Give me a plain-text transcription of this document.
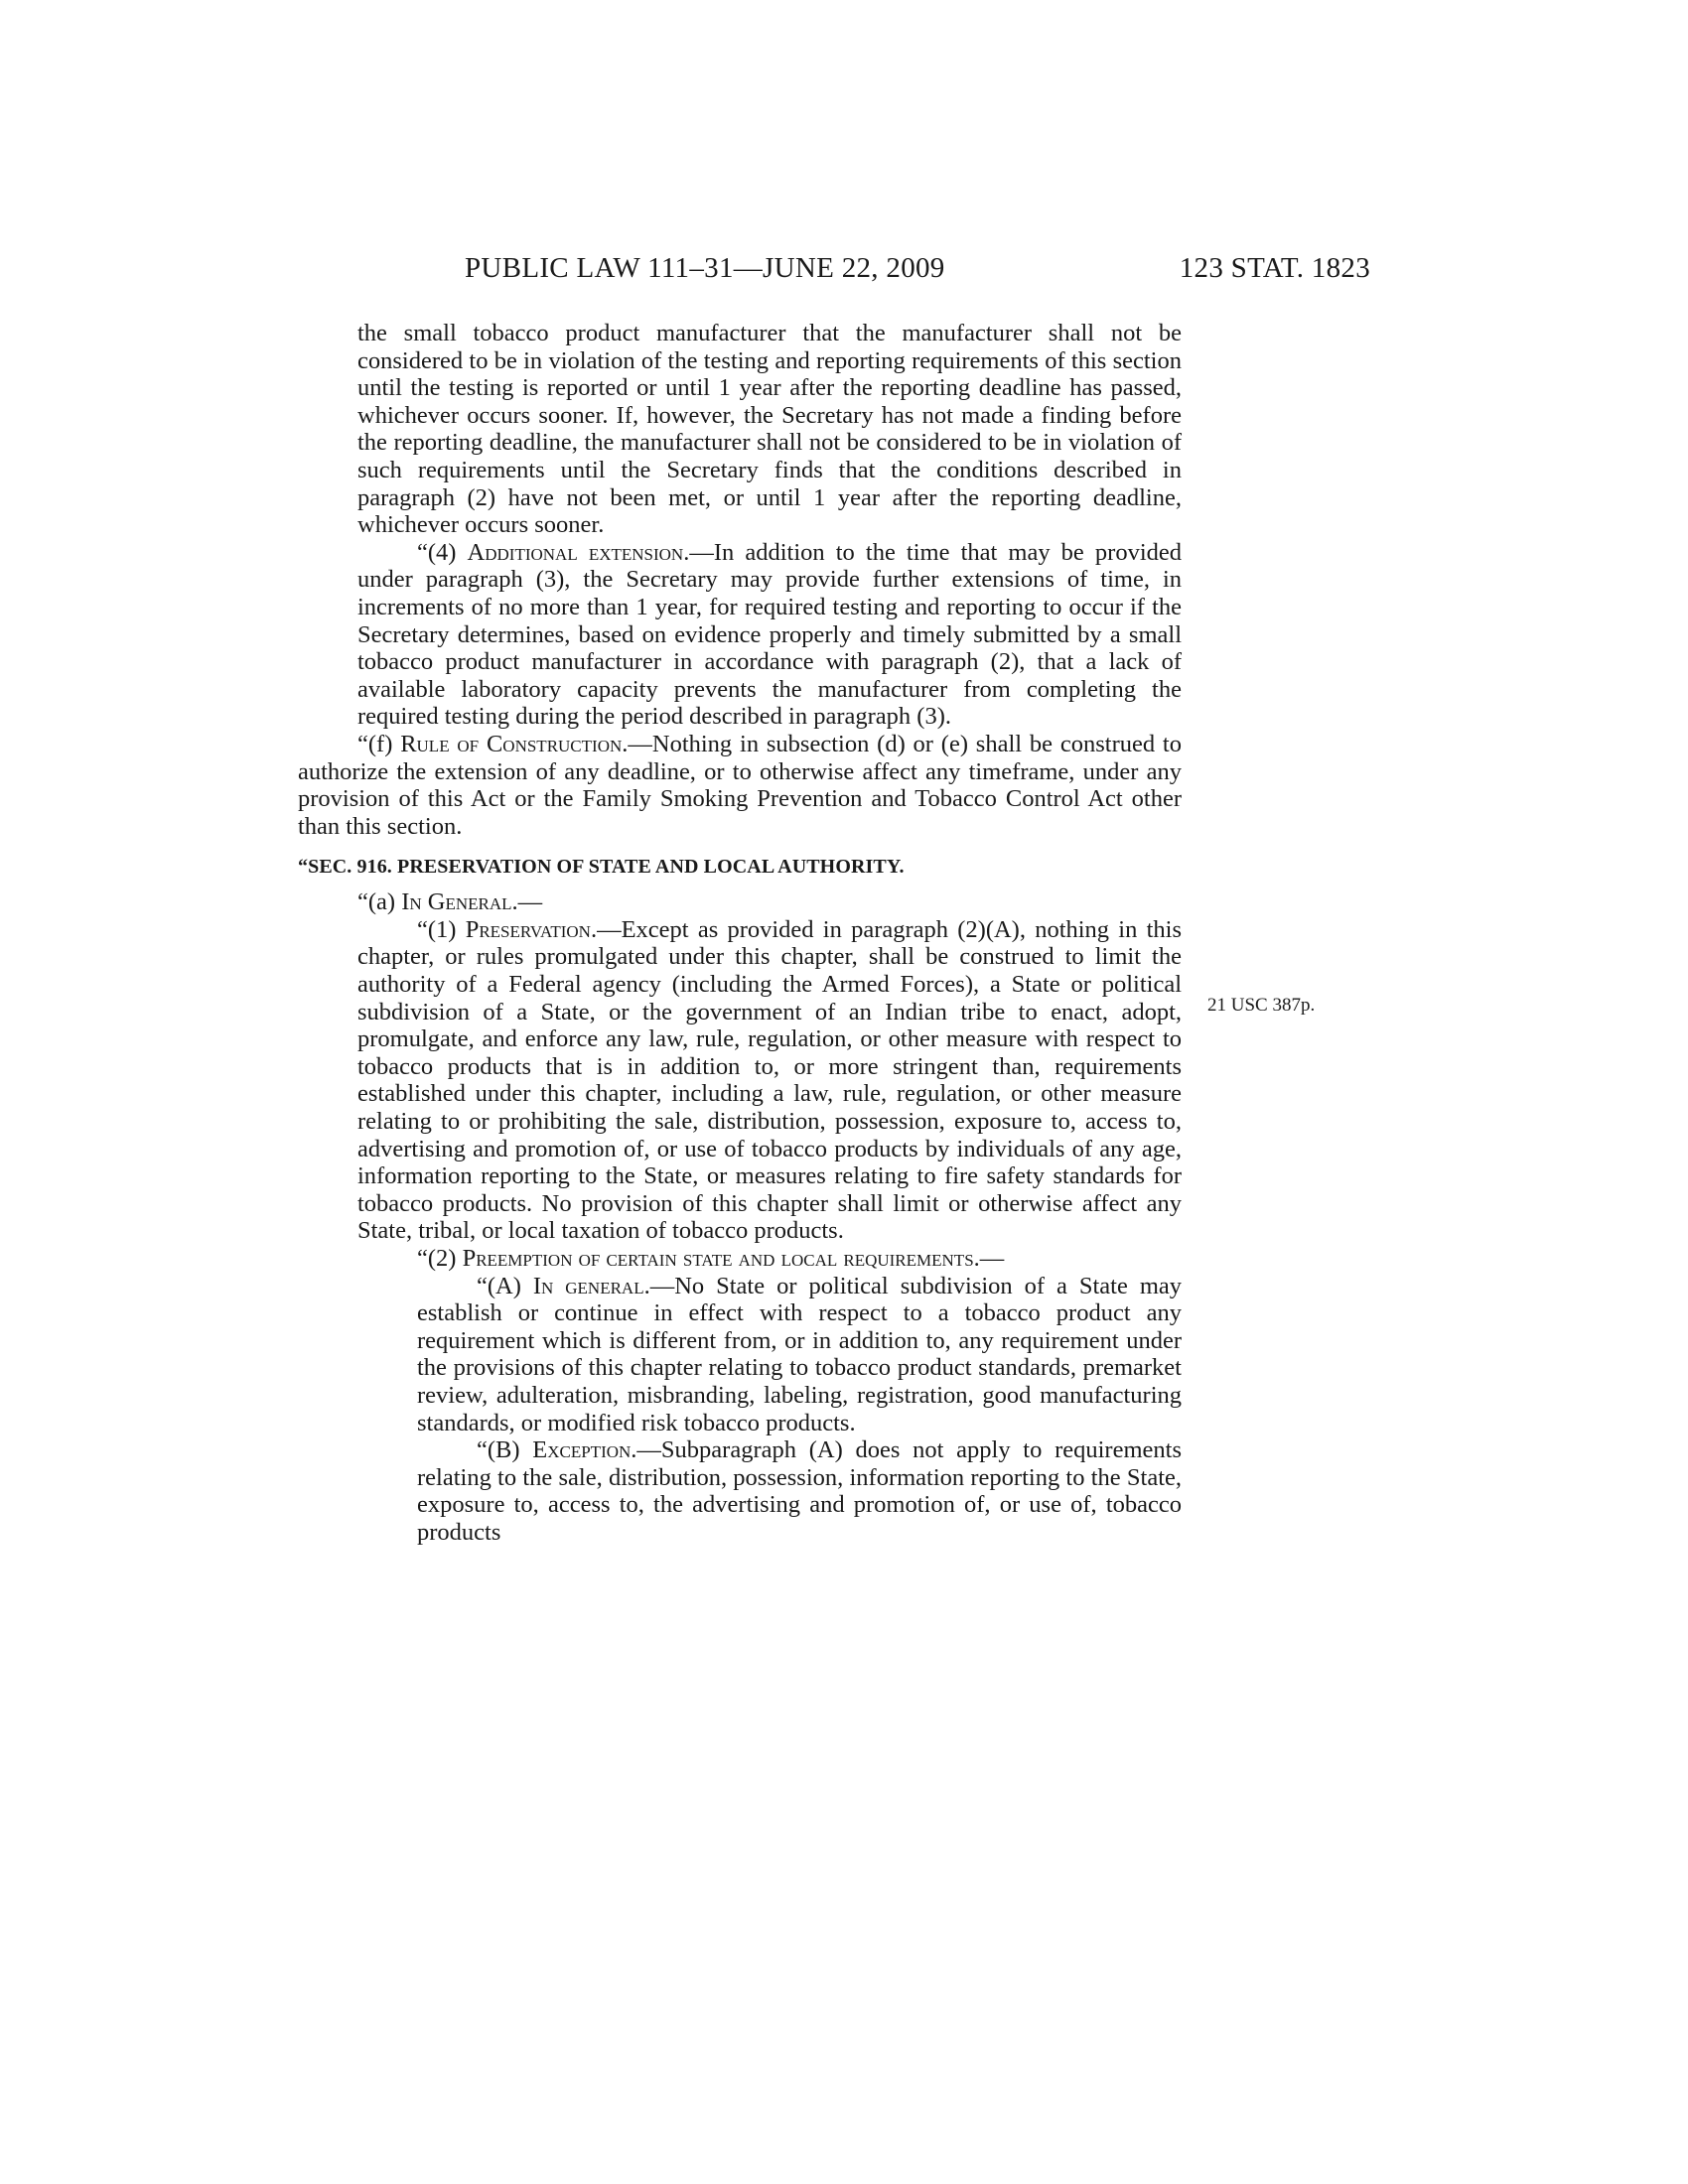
PUBLIC LAW 111–31—JUNE 22, 2009	123 STAT. 1823
21 USC 387p.

the small tobacco product manufacturer that the manufacturer shall not be considered to be in violation of the testing and reporting requirements of this section until the testing is reported or until 1 year after the reporting deadline has passed, whichever occurs sooner. If, however, the Secretary has not made a finding before the reporting deadline, the manufacturer shall not be considered to be in violation of such requirements until the Secretary finds that the conditions described in paragraph (2) have not been met, or until 1 year after the reporting deadline, whichever occurs sooner.

“(4) Additional extension.—In addition to the time that may be provided under paragraph (3), the Secretary may provide further extensions of time, in increments of no more than 1 year, for required testing and reporting to occur if the Secretary determines, based on evidence properly and timely submitted by a small tobacco product manufacturer in accordance with paragraph (2), that a lack of available laboratory capacity prevents the manufacturer from completing the required testing during the period described in paragraph (3).

“(f) Rule of Construction.—Nothing in subsection (d) or (e) shall be construed to authorize the extension of any deadline, or to otherwise affect any timeframe, under any provision of this Act or the Family Smoking Prevention and Tobacco Control Act other than this section.

“SEC. 916. PRESERVATION OF STATE AND LOCAL AUTHORITY.

“(a) In General.—

“(1) Preservation.—Except as provided in paragraph (2)(A), nothing in this chapter, or rules promulgated under this chapter, shall be construed to limit the authority of a Federal agency (including the Armed Forces), a State or political subdivision of a State, or the government of an Indian tribe to enact, adopt, promulgate, and enforce any law, rule, regulation, or other measure with respect to tobacco products that is in addition to, or more stringent than, requirements established under this chapter, including a law, rule, regulation, or other measure relating to or prohibiting the sale, distribution, possession, exposure to, access to, advertising and promotion of, or use of tobacco products by individuals of any age, information reporting to the State, or measures relating to fire safety standards for tobacco products. No provision of this chapter shall limit or otherwise affect any State, tribal, or local taxation of tobacco products.

“(2) Preemption of certain state and local requirements.—

“(A) In general.—No State or political subdivision of a State may establish or continue in effect with respect to a tobacco product any requirement which is different from, or in addition to, any requirement under the provisions of this chapter relating to tobacco product standards, premarket review, adulteration, misbranding, labeling, registration, good manufacturing standards, or modified risk tobacco products.

“(B) Exception.—Subparagraph (A) does not apply to requirements relating to the sale, distribution, possession, information reporting to the State, exposure to, access to, the advertising and promotion of, or use of, tobacco products
